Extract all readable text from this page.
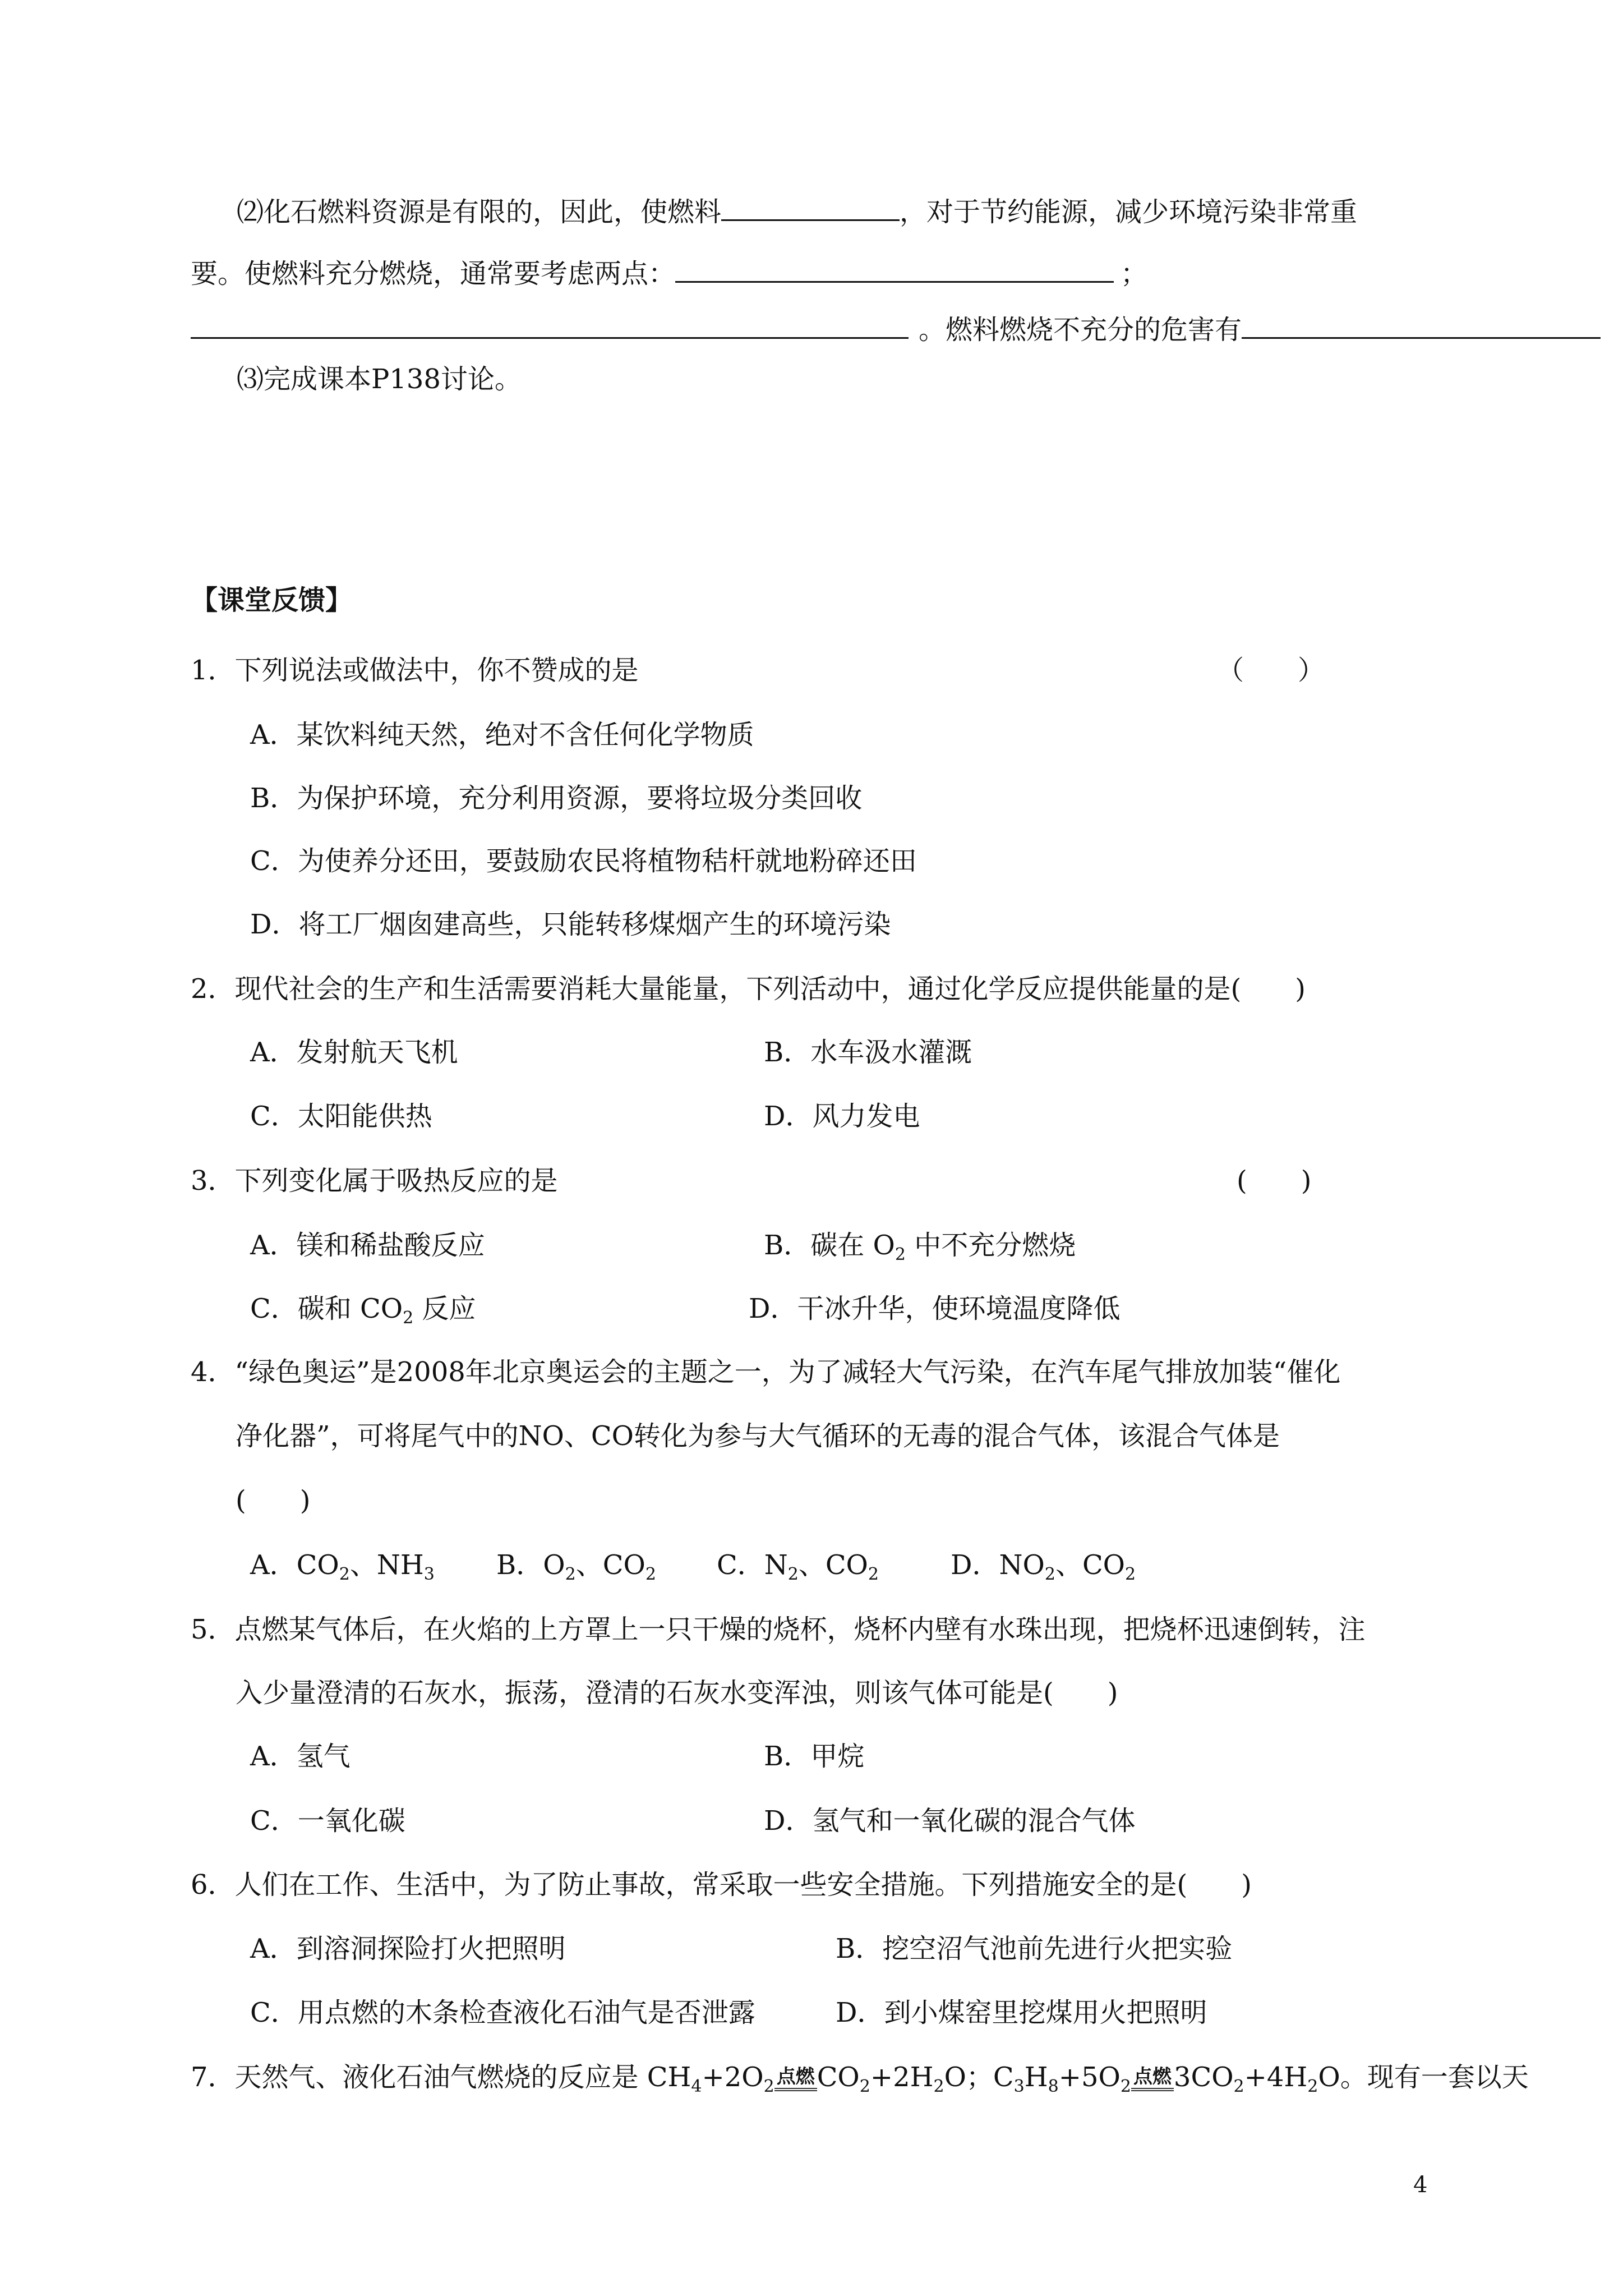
⑵化石燃料资源是有限的，因此，使燃料	，对于节约能源，减少环境污染非常重
要。使燃料充分燃烧，通常要考虑两点：	；
。燃料燃烧不充分的危害有
⑶完成课本P138讨论。
【课堂反馈】
1．下列说法或做法中，你不赞成的是	（　　）
A．某饮料纯天然，绝对不含任何化学物质
B．为保护环境，充分利用资源，要将垃圾分类回收
C．为使养分还田，要鼓励农民将植物秸杆就地粉碎还田
D．将工厂烟囱建高些，只能转移煤烟产生的环境污染
2．现代社会的生产和生活需要消耗大量能量，下列活动中，通过化学反应提供能量的是(　　)
A．发射航天飞机	B．水车汲水灌溉
C．太阳能供热	D．风力发电
3．下列变化属于吸热反应的是	(　　)
A．镁和稀盐酸反应	B．碳在 $O_2$ 中不充分燃烧
C．碳和 $CO_2$ 反应	D．干冰升华，使环境温度降低
4．“绿色奥运”是2008年北京奥运会的主题之一，为了减轻大气污染，在汽车尾气排放加装“催化
净化器”，可将尾气中的NO、CO转化为参与大气循环的无毒的混合气体，该混合气体是
(　　)
A．$CO_2$、$NH_3$ B．$O_2$、$CO_2$ C．$N_2$、$CO_2$	D．$NO_2$、$CO_2$
5．点燃某气体后，在火焰的上方罩上一只干燥的烧杯，烧杯内壁有水珠出现，把烧杯迅速倒转，注
入少量澄清的石灰水，振荡，澄清的石灰水变浑浊，则该气体可能是(　　)
A．氢气	B．甲烷
C．一氧化碳	D．氢气和一氧化碳的混合气体
6．人们在工作、生活中，为了防止事故，常采取一些安全措施。下列措施安全的是(　　)
A．到溶洞探险打火把照明	B．挖空沼气池前先进行火把实验
C．用点燃的木条检查液化石油气是否泄露	D．到小煤窑里挖煤用火把照明
7．天然气、液化石油气燃烧的反应是 $CH_4+2O_2$ 点燃$CO_2+2H_2O$；$C_3H_8+5O_2$ 点燃$3CO_2+4H_2O$。现有一套以天
4
